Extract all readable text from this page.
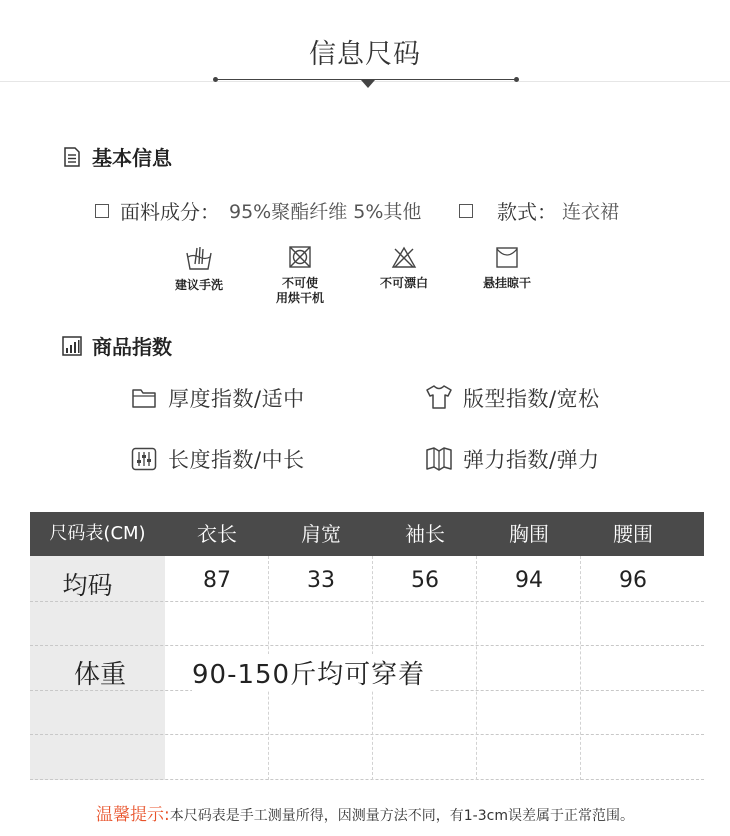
信息尺码
基本信息
面料成分： 95%聚酯纤维 5%其他	款式： 连衣裙
建议手洗	不可使
用烘干机
不可漂白	悬挂晾干
商品指数
厚度指数/适中	版型指数/宽松
长度指数/中长	弹力指数/弹力
尺码表(CM)	衣长	肩宽	袖长	胸围	腰围
均码	87	33	56	94	96
体重	90-150斤均可穿着
温馨提示:本尺码表是手工测量所得，因测量方法不同，有1-3cm误差属于正常范围。
